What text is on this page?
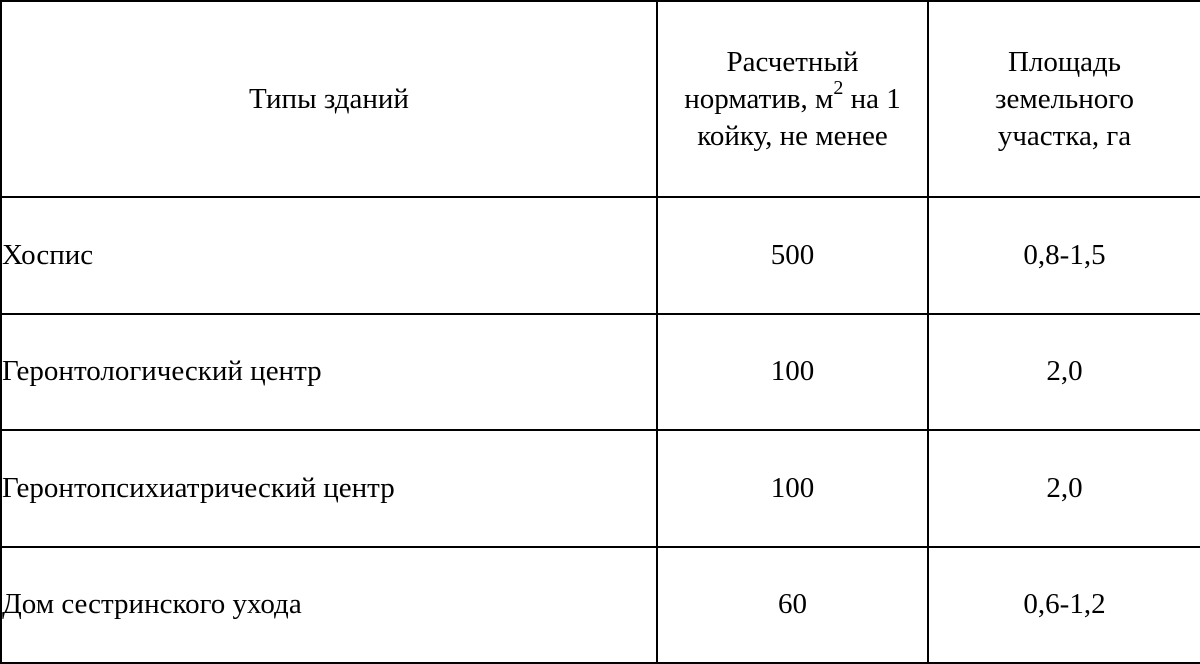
Типы зданий	Расчетный
норматив, $м^2$ на 1
койку, не менее	Площадь
земельного
участка, га

Хоспис	500	0,8-1,5
Геронтологический центр	100	2,0
Геронтопсихиатрический центр	100	2,0
Дом сестринского ухода	60	0,6-1,2
